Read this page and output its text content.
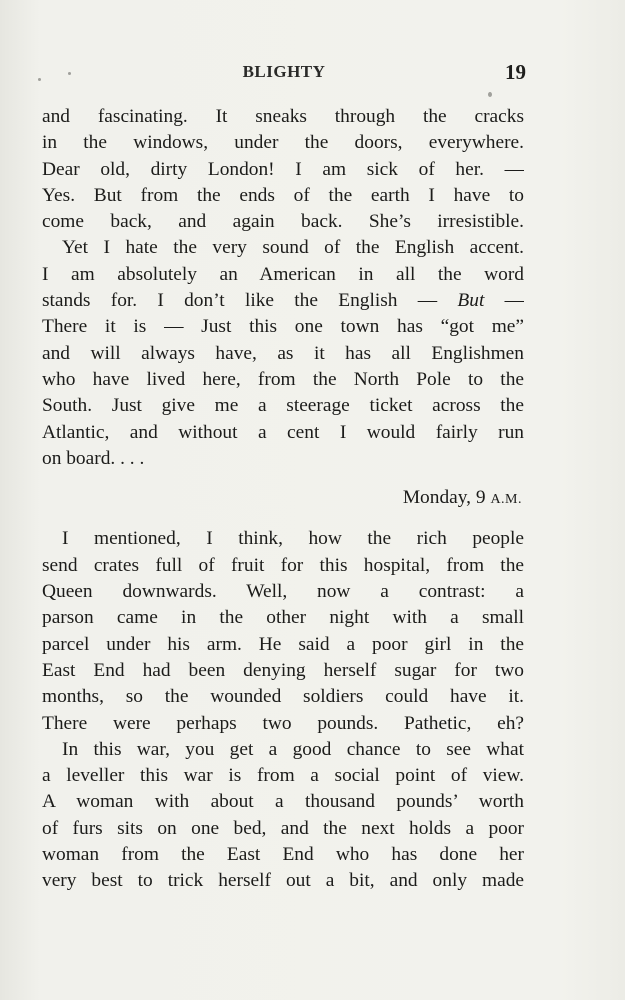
BLIGHTY	19
and fascinating. It sneaks through the cracks
in the windows, under the doors, everywhere.
Dear old, dirty London! I am sick of her. —
Yes. But from the ends of the earth I have to
come back, and again back. She’s irresistible.
Yet I hate the very sound of the English accent.
I am absolutely an American in all the word
stands for. I don’t like the English — But —
There it is — Just this one town has “got me”
and will always have, as it has all Englishmen
who have lived here, from the North Pole to the
South. Just give me a steerage ticket across the
Atlantic, and without a cent I would fairly run
on board. . . .
Monday, 9 A.M.
I mentioned, I think, how the rich people
send crates full of fruit for this hospital, from the
Queen downwards. Well, now a contrast: a
parson came in the other night with a small
parcel under his arm. He said a poor girl in the
East End had been denying herself sugar for two
months, so the wounded soldiers could have it.
There were perhaps two pounds. Pathetic, eh?
In this war, you get a good chance to see what
a leveller this war is from a social point of view.
A woman with about a thousand pounds’ worth
of furs sits on one bed, and the next holds a poor
woman from the East End who has done her
very best to trick herself out a bit, and only made
